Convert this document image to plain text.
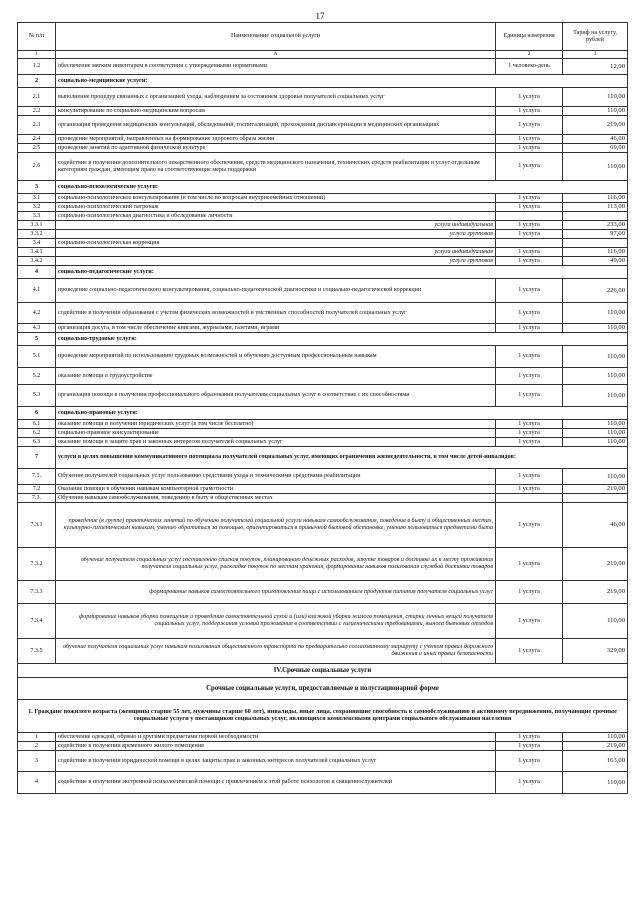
17
№ п/п	Наименование социальной услуги	Единица измерения	Тариф на услугу, рублей
1	А	2	3
1.2	обеспечение мягким инвентарем в соответствии с утвержденными нормативами	1 человеко-день	12,00
2	социально-медицинские услуги:		
2.1	выполнение процедур связанных с организацией ухода, наблюдением за состоянием здоровья получателей социальных услуг	1 услуга	110,00
2.2	консультирование по социально-медицинским вопросам	1 услуга	110,00
2.3	организация проведения медицинских консультаций, обследований, госпитализаций, прохождения диспансеризации в медицинских организациях	1 услуга	219,00
2.4	проведение мероприятий, направленных на формирование здорового образа жизни	1 услуга	46,00
2.5	проведение занятий по адаптивной физической культуре	1 услуга	69,00
2.6	содействие в получении дополнительного лекарственного обеспечения, средств медицинского назначения, технических средств реабилитации и услуг отдельным категориям граждан, имеющим право на соответствующие меры поддержки	1 услуга	110,00
3	социально-психологические услуги:		
3.1	социально-психологическое консультирование (в том числе по вопросам внутрисемейных отношений)	1 услуга	116,00
3.2	социально-психологический патронаж	1 услуга	113,00
3.3	социально-психологическая диагностика и обследование личности		
3.3.1	услуга индивидуальная	1 услуга	233,00
3.3.2	услуга групповая	1 услуга	97,00
3.4	социально-психологическая коррекция		
3.4.1	услуга индивидуальная	1 услуга	116,00
3.4.2	услуга групповая	1 услуга	49,00
4	социально-педагогические услуги:		
4.1	проведение социально-педагогического консультирования, социально-педагогической диагностики и социально-педагогической коррекции	1 услуга	226,00
4.2	содействие в получении образования с учетом физических возможностей и умственных способностей получателей социальных услуг	1 услуга	110,00
4.3	организация досуга, в том числе обеспечение книгами, журналами, газетами, играми	1 услуга	110,00
5	социально-трудовые услуги:		
5.1	проведение мероприятий по использованию трудовых возможностей и обучению доступным профессиональным навыкам	1 услуга	110,00
5.2	оказание помощи в трудоустройстве	1 услуга	110,00
5.3	организация помощи в получении профессионального образования получателям социальных услуг в соответствие с их способностями	1 услуга	110,00
6	социально-правовые услуги:		
6.1	оказание помощи в получении юридических услуг (в том числе бесплатно)	1 услуга	110,00
6.2	социально-правовое консультирование	1 услуга	110,00
6.3	оказание помощи в защите прав и законных интересов получателей социальных услуг	1 услуга	110,00
7	услуги в целях повышения коммуникативного потенциала получателей социальных услуг, имеющих ограничения жизнедеятельности, в том числе детей-инвалидов:		
7.1.	Обучение получателей социальных услуг пользованию средствами ухода и техническими средствами реабилитации	1 услуга	110,00
7.2	Оказание помощи в обучении навыкам компьютерной грамотности	1 услуга	219,00
7.3.	Обучение навыкам самообслуживания, поведению в быту и общественных местах		
7.3.1	проведение (в группе) практических занятий по обучению получателей социальной услуги навыкам самообслуживания, поведения в быту и общественных местах, культурно-гигиеническим навыкам, умению обратиться за помощью, ориентироваться в привычной бытовой обстановке, умению пользоваться предметами быта	1 услуга	46,00
7.3.2	обучение получателя социальных услуг составлению списков покупок, планированию денежных расходов, закупке товаров и доставке их к месту проживания получателя социальных услуг, раскладке покупок по местам хранения, формирование навыков пользования службой доставки товаров	1 услуга	219,00
7.3.3	формирование навыков самостоятельного приготовления пищи с использованием продуктов питания получателя социальных услуг	1 услуга	219,00
7.3.4	формирование навыков уборки помещения и проведения самостоятельной сухой и (или) влажной уборки жилого помещения, стирки личных вещей получателя социальных услуг, поддержания условий проживания в соответствии с гигиеническими требованиями, выноса бытовых отходов	1 услуга	110,00
7.3.5	обучение получателя социальных услуг навыкам пользования общественного транспорта по предварительно согласованному маршруту с учетом правил дорожного движения и иных правил безопасности	1 услуга	329,00
IV.Срочные социальные услуги			
Срочные социальные услуги, предоставляемые в полустационарной форме			
1. Граждане пожилого возраста (женщины старше 55 лет, мужчины старше 60 лет), инвалиды, иные лица, сохранившие способность к самообслуживанию и активному передвижению, получающие срочные социальные услуги у поставщиков социальных услуг, являющихся комплексными центрами социального обслуживания населения			
1	обеспечение одеждой, обувью и другими предметами первой необходимости	1 услуга	110,00
2	содействие в получении временного жилого помещения	1 услуга	219,00
3	содействие в получении юридической помощи в целях защиты прав и законных интересов получателей социальных услуг	1 услуга	163,00
4	содействие в получении экстренной психологической помощи с привлечением к этой работе психологов и священнослужителей	1 услуга	110,00
